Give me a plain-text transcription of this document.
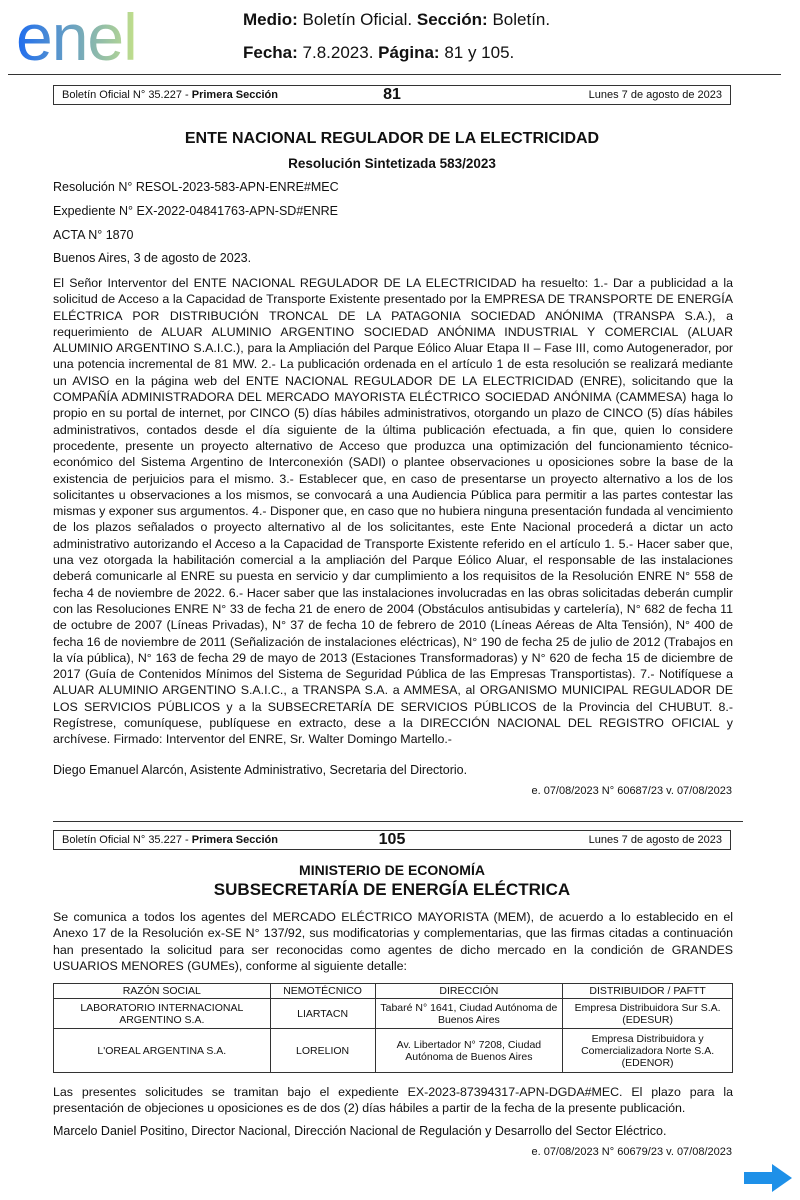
enel	Medio: Boletín Oficial. Sección: Boletín.
Fecha: 7.8.2023. Página: 81 y 105.
Boletín Oficial N° 35.227 - Primera Sección	81	Lunes 7 de agosto de 2023
ENTE NACIONAL REGULADOR DE LA ELECTRICIDAD
Resolución Sintetizada 583/2023
Resolución N° RESOL-2023-583-APN-ENRE#MEC
Expediente N° EX-2022-04841763-APN-SD#ENRE
ACTA N° 1870
Buenos Aires, 3 de agosto de 2023.
El Señor Interventor del ENTE NACIONAL REGULADOR DE LA ELECTRICIDAD ha resuelto: 1.- Dar a publicidad a la solicitud de Acceso a la Capacidad de Transporte Existente presentado por la EMPRESA DE TRANSPORTE DE ENERGÍA ELÉCTRICA POR DISTRIBUCIÓN TRONCAL DE LA PATAGONIA SOCIEDAD ANÓNIMA (TRANSPA S.A.), a requerimiento de ALUAR ALUMINIO ARGENTINO SOCIEDAD ANÓNIMA INDUSTRIAL Y COMERCIAL (ALUAR ALUMINIO ARGENTINO S.A.I.C.), para la Ampliación del Parque Eólico Aluar Etapa II – Fase III, como Autogenerador, por una potencia incremental de 81 MW. 2.- La publicación ordenada en el artículo 1 de esta resolución se realizará mediante un AVISO en la página web del ENTE NACIONAL REGULADOR DE LA ELECTRICIDAD (ENRE), solicitando que la COMPAÑÍA ADMINISTRADORA DEL MERCADO MAYORISTA ELÉCTRICO SOCIEDAD ANÓNIMA (CAMMESA) haga lo propio en su portal de internet, por CINCO (5) días hábiles administrativos, otorgando un plazo de CINCO (5) días hábiles administrativos, contados desde el día siguiente de la última publicación efectuada, a fin que, quien lo considere procedente, presente un proyecto alternativo de Acceso que produzca una optimización del funcionamiento técnico-económico del Sistema Argentino de Interconexión (SADI) o plantee observaciones u oposiciones sobre la base de la existencia de perjuicios para el mismo. 3.- Establecer que, en caso de presentarse un proyecto alternativo a los de los solicitantes u observaciones a los mismos, se convocará a una Audiencia Pública para permitir a las partes contestar las mismas y exponer sus argumentos. 4.- Disponer que, en caso que no hubiera ninguna presentación fundada al vencimiento de los plazos señalados o proyecto alternativo al de los solicitantes, este Ente Nacional procederá a dictar un acto administrativo autorizando el Acceso a la Capacidad de Transporte Existente referido en el artículo 1. 5.- Hacer saber que, una vez otorgada la habilitación comercial a la ampliación del Parque Eólico Aluar, el responsable de las instalaciones deberá comunicarle al ENRE su puesta en servicio y dar cumplimiento a los requisitos de la Resolución ENRE N° 558 de fecha 4 de noviembre de 2022. 6.- Hacer saber que las instalaciones involucradas en las obras solicitadas deberán cumplir con las Resoluciones ENRE N° 33 de fecha 21 de enero de 2004 (Obstáculos antisubidas y cartelería), N° 682 de fecha 11 de octubre de 2007 (Líneas Privadas), N° 37 de fecha 10 de febrero de 2010 (Líneas Aéreas de Alta Tensión), N° 400 de fecha 16 de noviembre de 2011 (Señalización de instalaciones eléctricas), N° 190 de fecha 25 de julio de 2012 (Trabajos en la vía pública), N° 163 de fecha 29 de mayo de 2013 (Estaciones Transformadoras) y N° 620 de fecha 15 de diciembre de 2017 (Guía de Contenidos Mínimos del Sistema de Seguridad Pública de las Empresas Transportistas). 7.- Notifíquese a ALUAR ALUMINIO ARGENTINO S.A.I.C., a TRANSPA S.A. a AMMESA, al ORGANISMO MUNICIPAL REGULADOR DE LOS SERVICIOS PÚBLICOS y a la SUBSECRETARÍA DE SERVICIOS PÚBLICOS de la Provincia del CHUBUT. 8.- Regístrese, comuníquese, publíquese en extracto, dese a la DIRECCIÓN NACIONAL DEL REGISTRO OFICIAL y archívese. Firmado: Interventor del ENRE, Sr. Walter Domingo Martello.-
Diego Emanuel Alarcón, Asistente Administrativo, Secretaria del Directorio.
e. 07/08/2023 N° 60687/23 v. 07/08/2023
Boletín Oficial N° 35.227 - Primera Sección	105	Lunes 7 de agosto de 2023
MINISTERIO DE ECONOMÍA
SUBSECRETARÍA DE ENERGÍA ELÉCTRICA
Se comunica a todos los agentes del MERCADO ELÉCTRICO MAYORISTA (MEM), de acuerdo a lo establecido en el Anexo 17 de la Resolución ex-SE N° 137/92, sus modificatorias y complementarias, que las firmas citadas a continuación han presentado la solicitud para ser reconocidas como agentes de dicho mercado en la condición de GRANDES USUARIOS MENORES (GUMEs), conforme al siguiente detalle:
RAZÓN SOCIAL	NEMOTÉCNICO	DIRECCIÓN	DISTRIBUIDOR / PAFTT
LABORATORIO INTERNACIONAL ARGENTINO S.A.	LIARTACN	Tabaré N° 1641, Ciudad Autónoma de Buenos Aires	Empresa Distribuidora Sur S.A. (EDESUR)
L'OREAL ARGENTINA S.A.	LORELION	Av. Libertador N° 7208, Ciudad Autónoma de Buenos Aires	Empresa Distribuidora y Comercializadora Norte S.A. (EDENOR)
Las presentes solicitudes se tramitan bajo el expediente EX-2023-87394317-APN-DGDA#MEC. El plazo para la presentación de objeciones u oposiciones es de dos (2) días hábiles a partir de la fecha de la presente publicación.
Marcelo Daniel Positino, Director Nacional, Dirección Nacional de Regulación y Desarrollo del Sector Eléctrico.
e. 07/08/2023 N° 60679/23 v. 07/08/2023
